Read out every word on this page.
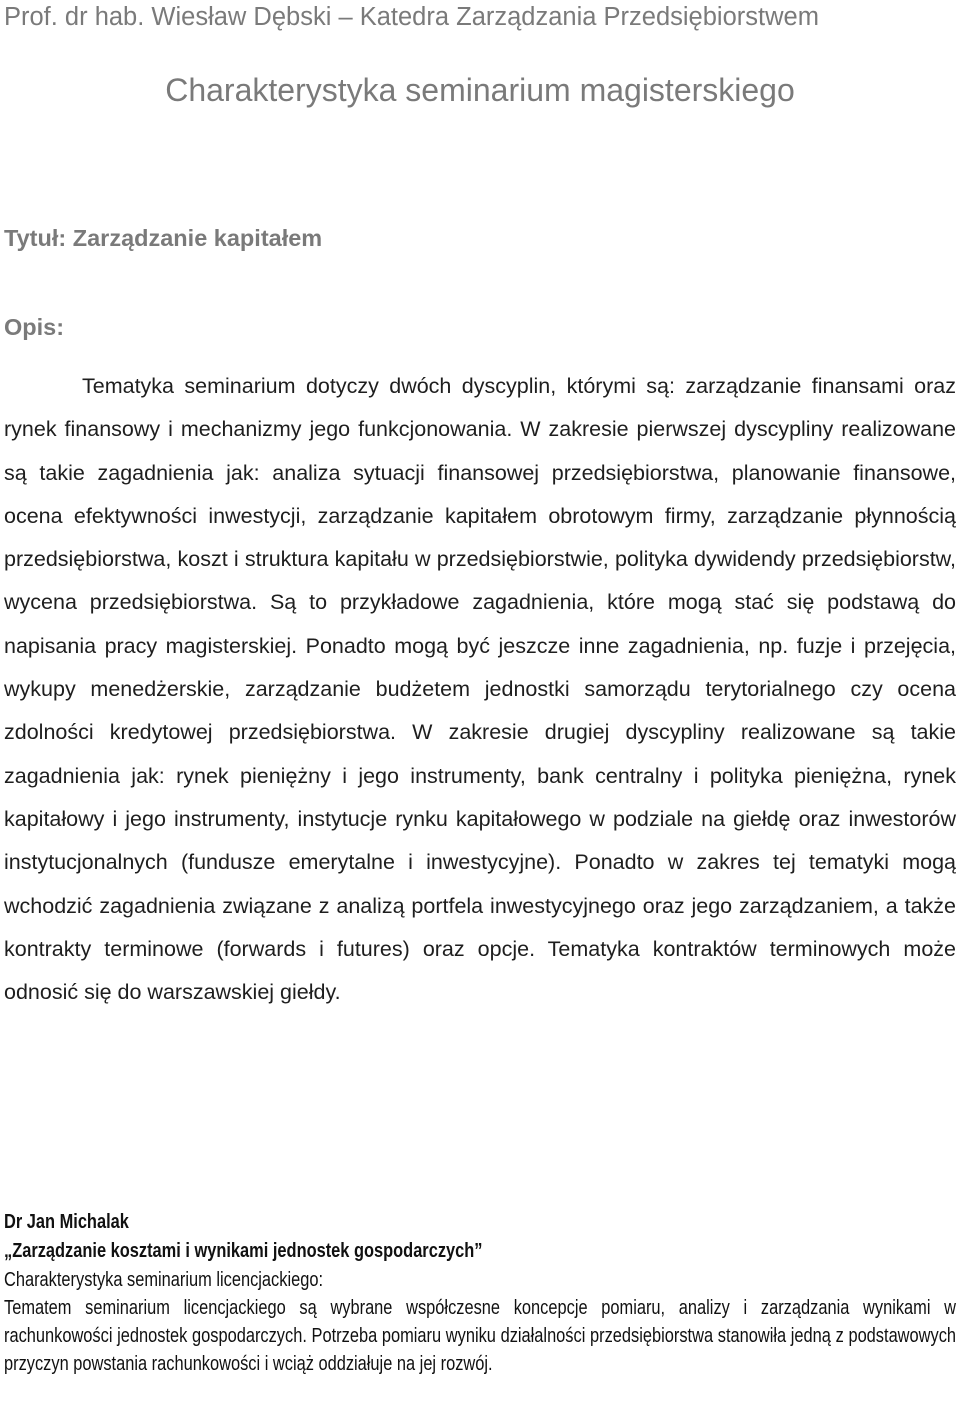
Prof. dr hab. Wiesław Dębski – Katedra Zarządzania Przedsiębiorstwem
Charakterystyka seminarium magisterskiego
Tytuł: Zarządzanie kapitałem
Opis:

Tematyka seminarium dotyczy dwóch dyscyplin, którymi są: zarządzanie finansami oraz rynek finansowy i mechanizmy jego funkcjonowania. W zakresie pierwszej dyscypliny realizowane są takie zagadnienia jak: analiza sytuacji finansowej przedsiębiorstwa, planowanie finansowe, ocena efektywności inwestycji, zarządzanie kapitałem obrotowym firmy, zarządzanie płynnością przedsiębiorstwa, koszt i struktura kapitału w przedsiębiorstwie, polityka dywidendy przedsiębiorstw, wycena przedsiębiorstwa. Są to przykładowe zagadnienia, które mogą stać się podstawą do napisania pracy magisterskiej. Ponadto mogą być jeszcze inne zagadnienia, np. fuzje i przejęcia, wykupy menedżerskie, zarządzanie budżetem jednostki samorządu terytorialnego czy ocena zdolności kredytowej przedsiębiorstwa. W zakresie drugiej dyscypliny realizowane są takie zagadnienia jak: rynek pieniężny i jego instrumenty, bank centralny i polityka pieniężna, rynek kapitałowy i jego instrumenty, instytucje rynku kapitałowego w podziale na giełdę oraz inwestorów instytucjonalnych (fundusze emerytalne i inwestycyjne). Ponadto w zakres tej tematyki mogą wchodzić zagadnienia związane z analizą portfela inwestycyjnego oraz jego zarządzaniem, a także kontrakty terminowe (forwards i futures) oraz opcje. Tematyka kontraktów terminowych może odnosić się do warszawskiej giełdy.

Dr Jan Michalak
„Zarządzanie kosztami i wynikami jednostek gospodarczych”
Charakterystyka seminarium licencjackiego:

Tematem seminarium licencjackiego są wybrane współczesne koncepcje pomiaru, analizy i zarządzania wynikami w rachunkowości jednostek gospodarczych. Potrzeba pomiaru wyniku działalności przedsiębiorstwa stanowiła jedną z podstawowych przyczyn powstania rachunkowości i wciąż oddziałuje na jej rozwój.
